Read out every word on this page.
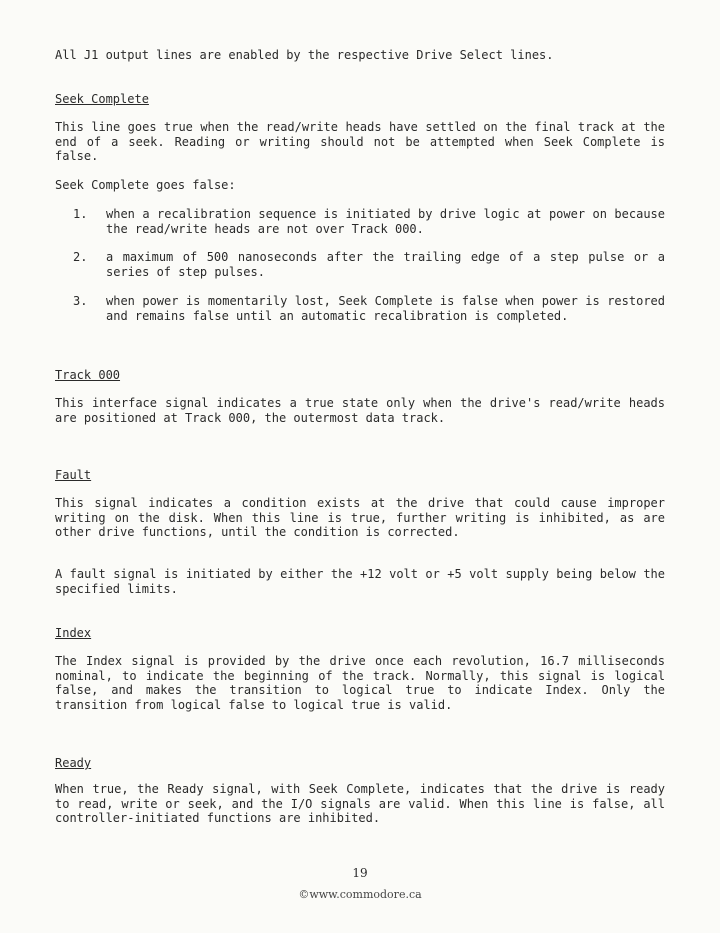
All J1 output lines are enabled by the respective Drive Select lines.

Seek Complete

This line goes true when the read/write heads have settled on the final track at the end of a seek. Reading or writing should not be attempted when Seek Complete is false.

Seek Complete goes false:

1.	when a recalibration sequence is initiated by drive logic at power on because the read/write heads are not over Track 000.
2.	a maximum of 500 nanoseconds after the trailing edge of a step pulse or a series of step pulses.
3.	when power is momentarily lost, Seek Complete is false when power is restored and remains false until an automatic recalibration is completed.

Track 000

This interface signal indicates a true state only when the drive's read/write heads are positioned at Track 000, the outermost data track.

Fault

This signal indicates a condition exists at the drive that could cause improper writing on the disk. When this line is true, further writing is inhibited, as are other drive functions, until the condition is corrected.

A fault signal is initiated by either the +12 volt or +5 volt supply being below the specified limits.

Index

The Index signal is provided by the drive once each revolution, 16.7 milliseconds nominal, to indicate the beginning of the track. Normally, this signal is logical false, and makes the transition to logical true to indicate Index. Only the transition from logical false to logical true is valid.

Ready

When true, the Ready signal, with Seek Complete, indicates that the drive is ready to read, write or seek, and the I/O signals are valid. When this line is false, all controller-initiated functions are inhibited.

19
©www.commodore.ca
